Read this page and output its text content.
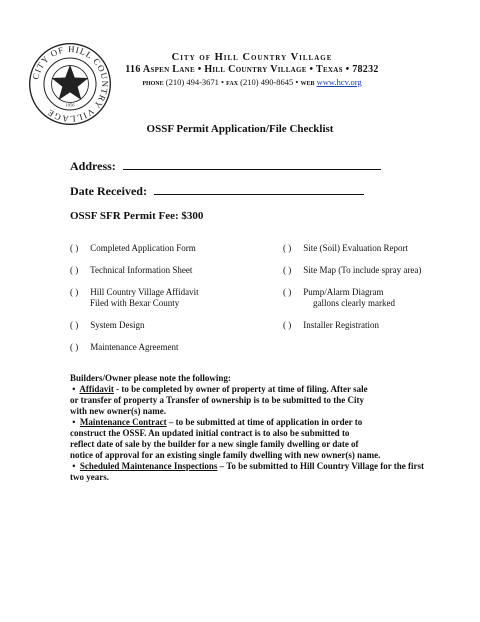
CITY OF HILL COUNTRY VILLAGE
1956
City of Hill Country Village
116 Aspen Lane • Hill Country Village • Texas • 78232
phone (210) 494-3671 • fax (210) 490-8645 • web www.hcv.org
OSSF Permit Application/File Checklist
Address:
Date Received:
OSSF SFR Permit Fee: $300
( ) Completed Application Form
( ) Technical Information Sheet
( ) Hill Country Village Affidavit
Filed with Bexar County
( ) System Design
( ) Maintenance Agreement
( ) Site (Soil) Evaluation Report
( ) Site Map (To include spray area)
( ) Pump/Alarm Diagram
gallons clearly marked
( ) Installer Registration

Builders/Owner please note the following:

• Affidavit - to be completed by owner of property at time of filing. After sale

or transfer of property a Transfer of ownership is to be submitted to the City

with new owner(s) name.

• Maintenance Contract – to be submitted at time of application in order to

construct the OSSF. An updated initial contract is to also be submitted to

reflect date of sale by the builder for a new single family dwelling or date of

notice of approval for an existing single family dwelling with new owner(s) name.

• Scheduled Maintenance Inspections – To be submitted to Hill Country Village for the first

two years.
